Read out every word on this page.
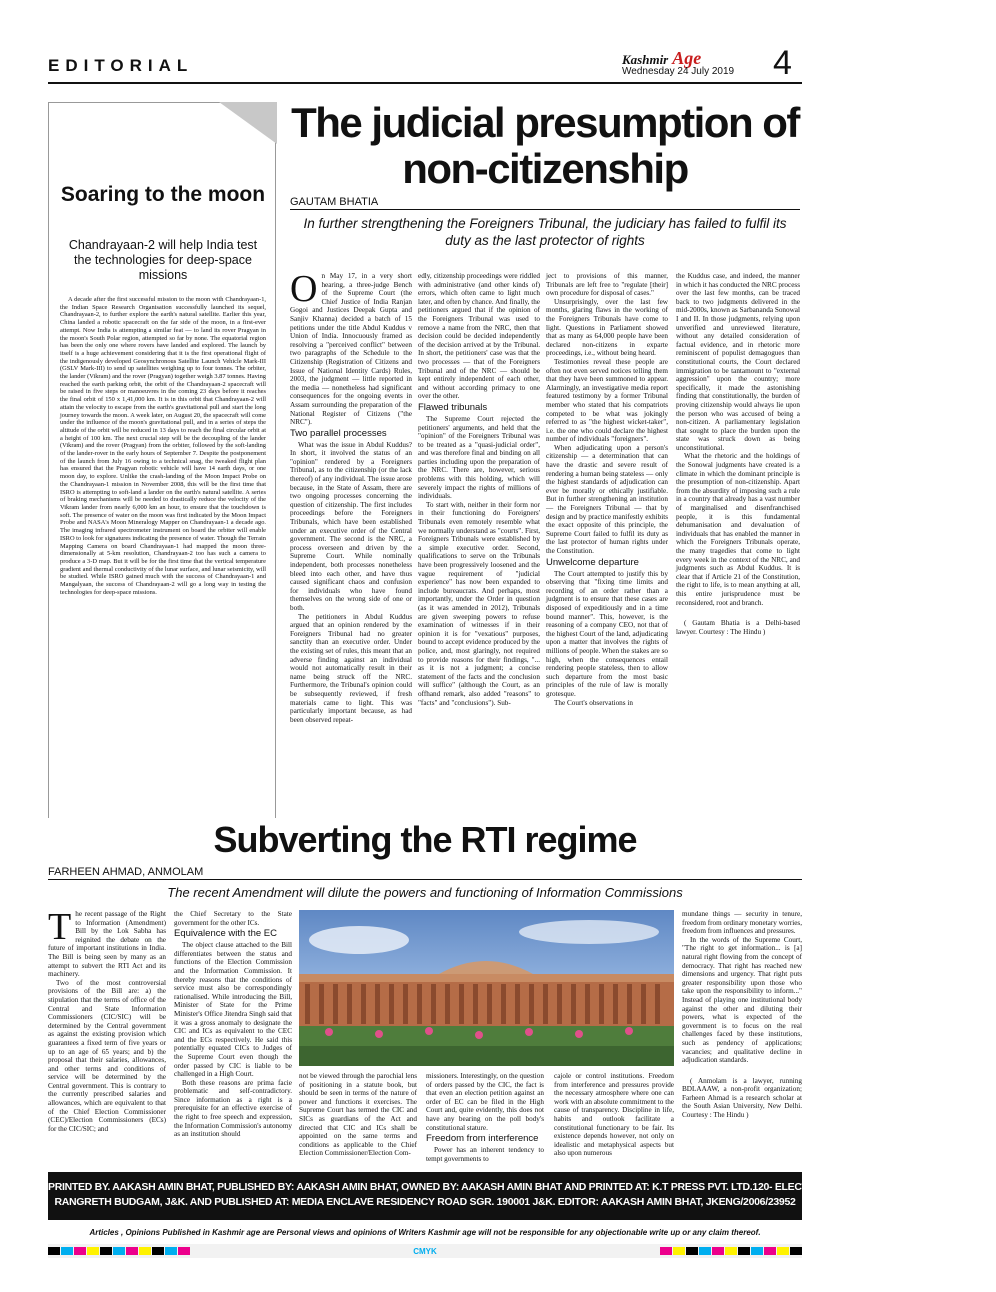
EDITORIAL	Kashmir Age
Wednesday 24 July 2019 4
Soaring to the moon
Chandrayaan-2 will help India test the technologies for deep-space missions

A decade after the first successful mission to the moon with Chandrayaan-1, the Indian Space Research Organisation successfully launched its sequel, Chandrayaan-2, to further explore the earth's natural satellite. Earlier this year, China landed a robotic spacecraft on the far side of the moon, in a first-ever attempt. Now India is attempting a similar feat — to land its rover Pragyan in the moon's South Polar region, attempted so far by none. The equatorial region has been the only one where rovers have landed and explored. The launch by itself is a huge achievement considering that it is the first operational flight of the indigenously developed Geosynchronous Satellite Launch Vehicle Mark-III (GSLV Mark-III) to send up satellites weighing up to four tonnes. The orbiter, the lander (Vikram) and the rover (Pragyan) together weigh 3.87 tonnes. Having reached the earth parking orbit, the orbit of the Chandrayaan-2 spacecraft will be raised in five steps or manoeuvres in the coming 23 days before it reaches the final orbit of 150 x 1,41,000 km. It is in this orbit that Chandrayaan-2 will attain the velocity to escape from the earth's gravitational pull and start the long journey towards the moon. A week later, on August 20, the spacecraft will come under the influence of the moon's gravitational pull, and in a series of steps the altitude of the orbit will be reduced in 13 days to reach the final circular orbit at a height of 100 km. The next crucial step will be the decoupling of the lander (Vikram) and the rover (Pragyan) from the orbiter, followed by the soft-landing of the lander-rover in the early hours of September 7. Despite the postponement of the launch from July 16 owing to a technical snag, the tweaked flight plan has ensured that the Pragyan robotic vehicle will have 14 earth days, or one moon day, to explore. Unlike the crash-landing of the Moon Impact Probe on the Chandrayaan-1 mission in November 2008, this will be the first time that ISRO is attempting to soft-land a lander on the earth's natural satellite. A series of braking mechanisms will be needed to drastically reduce the velocity of the Vikram lander from nearly 6,000 km an hour, to ensure that the touchdown is soft. The presence of water on the moon was first indicated by the Moon Impact Probe and NASA's Moon Mineralogy Mapper on Chandrayaan-1 a decade ago. The imaging infrared spectrometer instrument on board the orbiter will enable ISRO to look for signatures indicating the presence of water. Though the Terrain Mapping Camera on board Chandrayaan-1 had mapped the moon three-dimensionally at 5-km resolution, Chandrayaan-2 too has such a camera to produce a 3-D map. But it will be for the first time that the vertical temperature gradient and thermal conductivity of the lunar surface, and lunar seismicity, will be studied. While ISRO gained much with the success of Chandrayaan-1 and Mangalyaan, the success of Chandrayaan-2 will go a long way in testing the technologies for deep-space missions.

The judicial presumption of non-citizenship
GAUTAM BHATIA
In further strengthening the Foreigners Tribunal, the judiciary has failed to fulfil its duty as the last protector of rights
O n May 17, in a very short hearing, a three-judge Bench of the Supreme Court (the Chief Justice of India Ranjan Gogoi and Justices Deepak Gupta and Sanjiv Khanna) decided a batch of 15 petitions under the title Abdul Kuddus v Union of India. Innocuously framed as resolving a "perceived conflict" between two paragraphs of the Schedule to the Citizenship (Registration of Citizens and Issue of National Identity Cards) Rules, 2003, the judgment — little reported in the media — nonetheless had significant consequences for the ongoing events in Assam surrounding the preparation of the National Register of Citizens ("the NRC").

Two parallel processes

What was the issue in Abdul Kuddus? In short, it involved the status of an "opinion" rendered by a Foreigners Tribunal, as to the citizenship (or the lack thereof) of any individual. The issue arose because, in the State of Assam, there are two ongoing processes concerning the question of citizenship. The first includes proceedings before the Foreigners Tribunals, which have been established under an executive order of the Central government. The second is the NRC, a process overseen and driven by the Supreme Court. While nominally independent, both processes nonetheless bleed into each other, and have thus caused significant chaos and confusion for individuals who have found themselves on the wrong side of one or both.

The petitioners in Abdul Kuddus argued that an opinion rendered by the Foreigners Tribunal had no greater sanctity than an executive order. Under the existing set of rules, this meant that an adverse finding against an individual would not automatically result in their name being struck off the NRC. Furthermore, the Tribunal's opinion could be subsequently reviewed, if fresh materials came to light. This was particularly important because, as had been observed repeat-

edly, citizenship proceedings were riddled with administrative (and other kinds of) errors, which often came to light much later, and often by chance. And finally, the petitioners argued that if the opinion of the Foreigners Tribunal was used to remove a name from the NRC, then that decision could be decided independently of the decision arrived at by the Tribunal. In short, the petitioners' case was that the two processes — that of the Foreigners Tribunal and of the NRC — should be kept entirely independent of each other, and without according primacy to one over the other.

Flawed tribunals

The Supreme Court rejected the petitioners' arguments, and held that the "opinion" of the Foreigners Tribunal was to be treated as a "quasi-judicial order", and was therefore final and binding on all parties including upon the preparation of the NRC. There are, however, serious problems with this holding, which will severely impact the rights of millions of individuals.

To start with, neither in their form nor in their functioning do Foreigners' Tribunals even remotely resemble what we normally understand as "courts". First, Foreigners Tribunals were established by a simple executive order. Second, qualifications to serve on the Tribunals have been progressively loosened and the vague requirement of "judicial experience" has now been expanded to include bureaucrats. And perhaps, most importantly, under the Order in question (as it was amended in 2012), Tribunals are given sweeping powers to refuse examination of witnesses if in their opinion it is for "vexatious" purposes, bound to accept evidence produced by the police, and, most glaringly, not required to provide reasons for their findings, "... as it is not a judgment; a concise statement of the facts and the conclusion will suffice" (although the Court, as an offhand remark, also added "reasons" to "facts" and "conclusions"). Sub-

ject to provisions of this manner, Tribunals are left free to "regulate [their] own procedure for disposal of cases."

Unsurprisingly, over the last few months, glaring flaws in the working of the Foreigners Tribunals have come to light. Questions in Parliament showed that as many as 64,000 people have been declared non-citizens in exparte proceedings, i.e., without being heard.

Testimonies reveal these people are often not even served notices telling them that they have been summoned to appear. Alarmingly, an investigative media report featured testimony by a former Tribunal member who stated that his compatriots competed to be what was jokingly referred to as "the highest wicket-taker", i.e. the one who could declare the highest number of individuals "foreigners".

When adjudicating upon a person's citizenship — a determination that can have the drastic and severe result of rendering a human being stateless — only the highest standards of adjudication can ever be morally or ethically justifiable. But in further strengthening an institution — the Foreigners Tribunal — that by design and by practice manifestly exhibits the exact opposite of this principle, the Supreme Court failed to fulfil its duty as the last protector of human rights under the Constitution.

Unwelcome departure

The Court attempted to justify this by observing that "fixing time limits and recording of an order rather than a judgment is to ensure that these cases are disposed of expeditiously and in a time bound manner". This, however, is the reasoning of a company CEO, not that of the highest Court of the land, adjudicating upon a matter that involves the rights of millions of people. When the stakes are so high, when the consequences entail rendering people stateless, then to allow such departure from the most basic principles of the rule of law is morally grotesque.

The Court's observations in

the Kuddus case, and indeed, the manner in which it has conducted the NRC process over the last few months, can be traced back to two judgments delivered in the mid-2000s, known as Sarbananda Sonowal I and II. In those judgments, relying upon unverified and unreviewed literature, without any detailed consideration of factual evidence, and in rhetoric more reminiscent of populist demagogues than constitutional courts, the Court declared immigration to be tantamount to "external aggression" upon the country; more specifically, it made the astonishing finding that constitutionally, the burden of proving citizenship would always lie upon the person who was accused of being a non-citizen. A parliamentary legislation that sought to place the burden upon the state was struck down as being unconstitutional.

What the rhetoric and the holdings of the Sonowal judgments have created is a climate in which the dominant principle is the presumption of non-citizenship. Apart from the absurdity of imposing such a rule in a country that already has a vast number of marginalised and disenfranchised people, it is this fundamental dehumanisation and devaluation of individuals that has enabled the manner in which the Foreigners Tribunals operate, the many tragedies that come to light every week in the context of the NRC, and judgments such as Abdul Kuddus. It is clear that if Article 21 of the Constitution, the right to life, is to mean anything at all, this entire jurisprudence must be reconsidered, root and branch.

( Gautam Bhatia is a Delhi-based lawyer. Courtesy : The Hindu )

Subverting the RTI regime
FARHEEN AHMAD, ANMOLAM
The recent Amendment will dilute the powers and functioning of Information Commissions
T he recent passage of the Right to Information (Amendment) Bill by the Lok Sabha has reignited the debate on the future of important institutions in India. The Bill is being seen by many as an attempt to subvert the RTI Act and its machinery.

Two of the most controversial provisions of the Bill are: a) the stipulation that the terms of office of the Central and State Information Commissioners (CIC/SIC) will be determined by the Central government as against the existing provision which guarantees a fixed term of five years or up to an age of 65 years; and b) the proposal that their salaries, allowances, and other terms and conditions of service will be determined by the Central government. This is contrary to the currently prescribed salaries and allowances, which are equivalent to that of the Chief Election Commissioner (CEC)/Election Commissioners (ECs) for the CIC/SIC; and

the Chief Secretary to the State government for the other ICs.

Equivalence with the EC

The object clause attached to the Bill differentiates between the status and functions of the Election Commission and the Information Commission. It thereby reasons that the conditions of service must also be correspondingly rationalised. While introducing the Bill, Minister of State for the Prime Minister's Office Jitendra Singh said that it was a gross anomaly to designate the CIC and ICs as equivalent to the CEC and the ECs respectively. He said this potentially equated CICs to Judges of the Supreme Court even though the order passed by CIC is liable to be challenged in a High Court.

Both these reasons are prima facie problematic and self-contradictory. Since information as a right is a prerequisite for an effective exercise of the right to free speech and expression, the Information Commission's autonomy as an institution should

not be viewed through the parochial lens of positioning in a statute book, but should be seen in terms of the nature of power and functions it exercises. The Supreme Court has termed the CIC and SICs as guardians of the Act and directed that CIC and ICs shall be appointed on the same terms and conditions as applicable to the Chief Election Commissioner/Election Com-

missioners. Interestingly, on the question of orders passed by the CIC, the fact is that even an election petition against an order of EC can be filed in the High Court and, quite evidently, this does not have any bearing on the poll body's constitutional stature.

Freedom from interference

Power has an inherent tendency to tempt governments to

cajole or control institutions. Freedom from interference and pressures provide the necessary atmosphere where one can work with an absolute commitment to the cause of transparency. Discipline in life, habits and outlook facilitate a constitutional functionary to be fair. Its existence depends however, not only on idealistic and metaphysical aspects but also upon numerous

mundane things — security in tenure, freedom from ordinary monetary worries, freedom from influences and pressures.

In the words of the Supreme Court, "The right to get information... is [a] natural right flowing from the concept of democracy. That right has reached new dimensions and urgency. That right puts greater responsibility upon those who take upon the responsibility to inform..." Instead of playing one institutional body against the other and diluting their powers, what is expected of the government is to focus on the real challenges faced by these institutions, such as pendency of applications; vacancies; and qualitative decline in adjudication standards.

( Anmolam is a lawyer, running BDLAAAW, a non-profit organization; Farheen Ahmad is a research scholar at the South Asian University, New Delhi. Courtesy : The Hindu )

PRINTED BY. AAKASH AMIN BHAT, PUBLISHED BY: AAKASH AMIN BHAT, OWNED BY: AAKASH AMIN BHAT AND PRINTED AT: K.T PRESS PVT. LTD.120- ELECTRONIC COMPLEX INDUSTRIAL ESTATE
RANGRETH BUDGAM, J&K. AND PUBLISHED AT: MEDIA ENCLAVE RESIDENCY ROAD SGR. 190001 J&K. EDITOR: AAKASH AMIN BHAT, JKENG/2006/23952
Articles , Opinions Published in Kashmir age are Personal views and opinions of Writers Kashmir age will not be responsible for any objectionable write up or any claim thereof.
CMYK
